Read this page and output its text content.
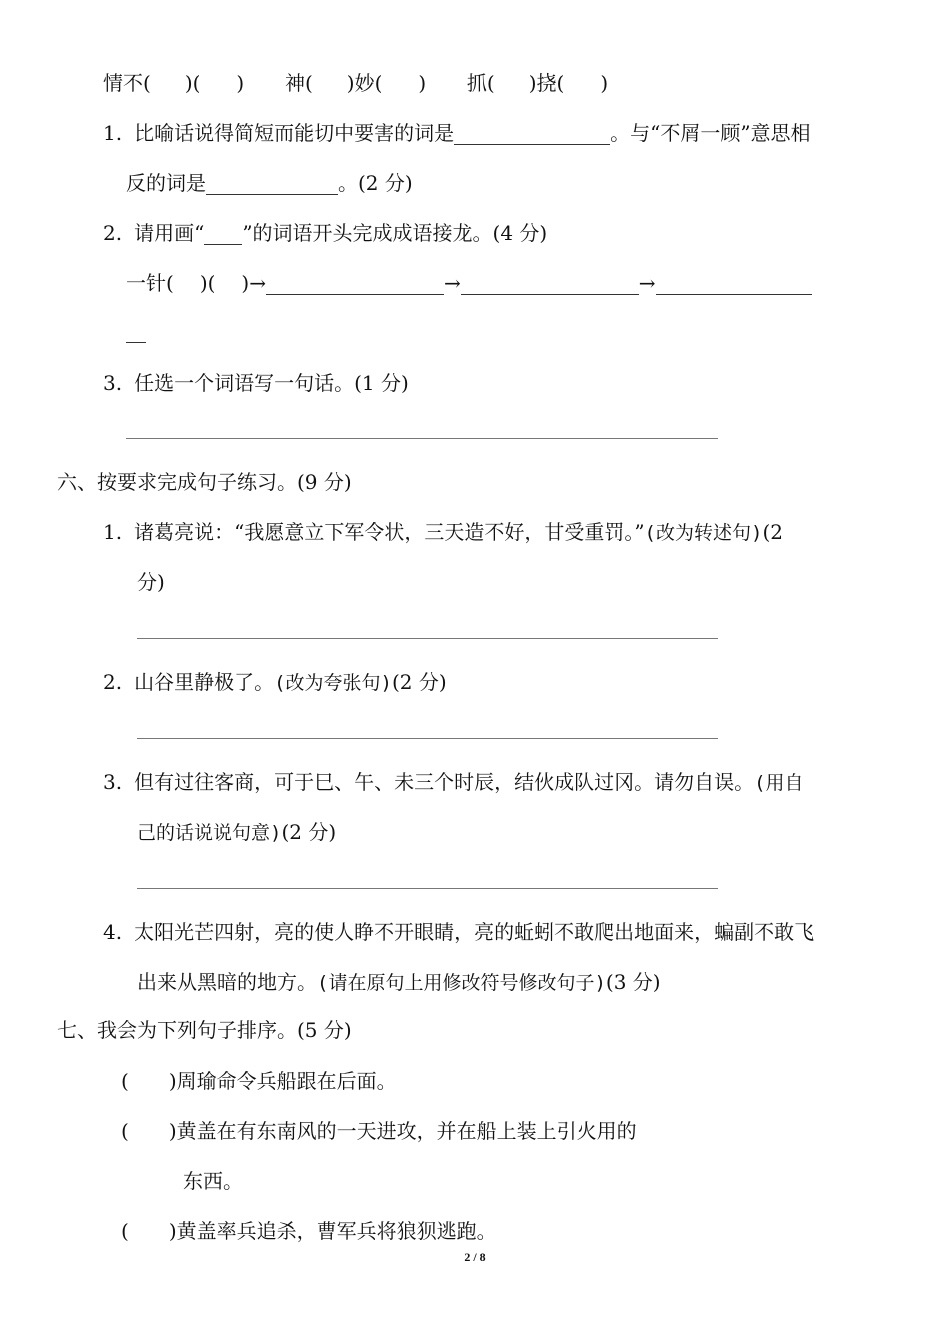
情不( )( ) 神( )妙( ) 抓( )挠( )
1. 比喻话说得简短而能切中要害的词是	。与“不屑一顾”意思相
反的词是	。(2 分)
2. 请用画“ ”的词语开头完成成语接龙。(4 分)
一针( )( )→	→	→
3. 任选一个词语写一句话。(1 分)
六、按要求完成句子练习。(9 分)
1. 诸葛亮说：“我愿意立下军令状，三天造不好，甘受重罚。”(改为转述句)(2
分)
2. 山谷里静极了。(改为夸张句)(2 分)
3. 但有过往客商，可于巳、午、未三个时辰，结伙成队过冈。请勿自误。(用自
己的话说说句意)(2 分)
4. 太阳光芒四射，亮的使人睁不开眼睛，亮的蚯蚓不敢爬出地面来，蝙副不敢飞
出来从黑暗的地方。(请在原句上用修改符号修改句子)(3 分)
七、我会为下列句子排序。(5 分)
( )周瑜命令兵船跟在后面。
( )黄盖在有东南风的一天进攻，并在船上装上引火用的
东西。
( )黄盖率兵追杀，曹军兵将狼狈逃跑。
2 / 8
